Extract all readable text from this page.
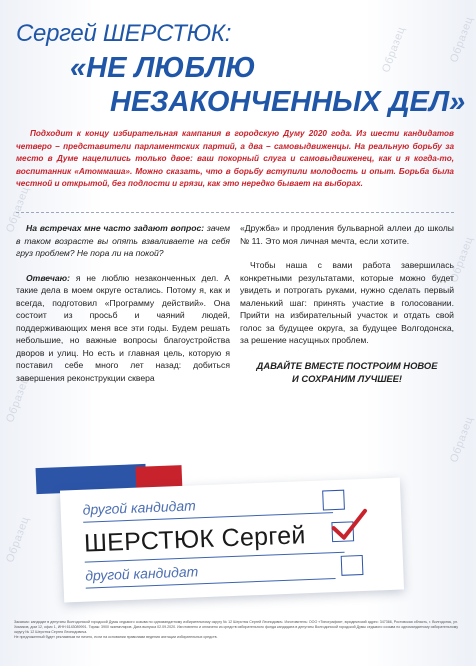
Образец	Образец
Образец
Образец
Образец
Образец
Образец
Сергей ШЕРСТЮК:
«НЕ ЛЮБЛЮ
НЕЗАКОНЧЕННЫХ ДЕЛ»
Подходит к концу избирательная кампания в городскую Думу 2020 года. Из шести кандидатов четверо – представители парламентских партий, а два – самовыдвиженцы. На реальную борьбу за место в Думе нацелились только двое: ваш покорный слуга и самовыдвиженец, как и я когда-то, воспитанник «Атоммаша». Можно сказать, что в борьбу вступили молодость и опыт. Борьба была честной и открытой, без подлости и грязи, как это нередко бывает на выборах.
На встречах мне часто задают вопрос: зачем в таком возрасте вы опять взваливаете на себя груз проблем? Не пора ли на покой?
Отвечаю: я не люблю незаконченных дел. А такие дела в моем округе остались. Потому я, как и всегда, подготовил «Программу действий». Она состоит из просьб и чаяний людей, поддерживающих меня все эти годы. Будем решать небольшие, но важные вопросы благоустройства дворов и улиц. Но есть и главная цель, которую я поставил себе много лет назад: добиться завершения реконструкции сквера
«Дружба» и продления бульварной аллеи до школы № 11. Это моя личная мечта, если хотите.
Чтобы наша с вами работа завершилась конкретными результатами, которые можно будет увидеть и потрогать руками, нужно сделать первый маленький шаг: принять участие в голосовании. Прийти на избирательный участок и отдать свой голос за будущее округа, за будущее Волгодонска, за решение насущных проблем.
ДАВАЙТЕ ВМЕСТЕ ПОСТРОИМ НОВОЕ
И СОХРАНИМ ЛУЧШЕЕ!
другой кандидат
ШЕРСТЮК Сергей
другой кандидат
Заказчик: кандидат в депутаты Волгодонской городской Думы седьмого созыва по одномандатному избирательному округу № 12 Шерстюк Сергей Леонидович. Изготовитель: ООО «Типография», юридический адрес: 347366, Ростовская область, г. Волгодонск, ул. Химиков, дом 12, офис 1, ИНН 6143089991. Тираж: 3900 экземпляров. Дата выпуска 02.09.2020. Изготовлено и оплачено из средств избирательного фонда кандидата в депутаты Волгодонской городской Думы седьмого созыва по одномандатному избирательному округу № 12 Шерстюк Сергея Леонидовича.
Не предложенный будет рекламным ни ничего, если на основании правилами ведения агитации избирательных средств.
